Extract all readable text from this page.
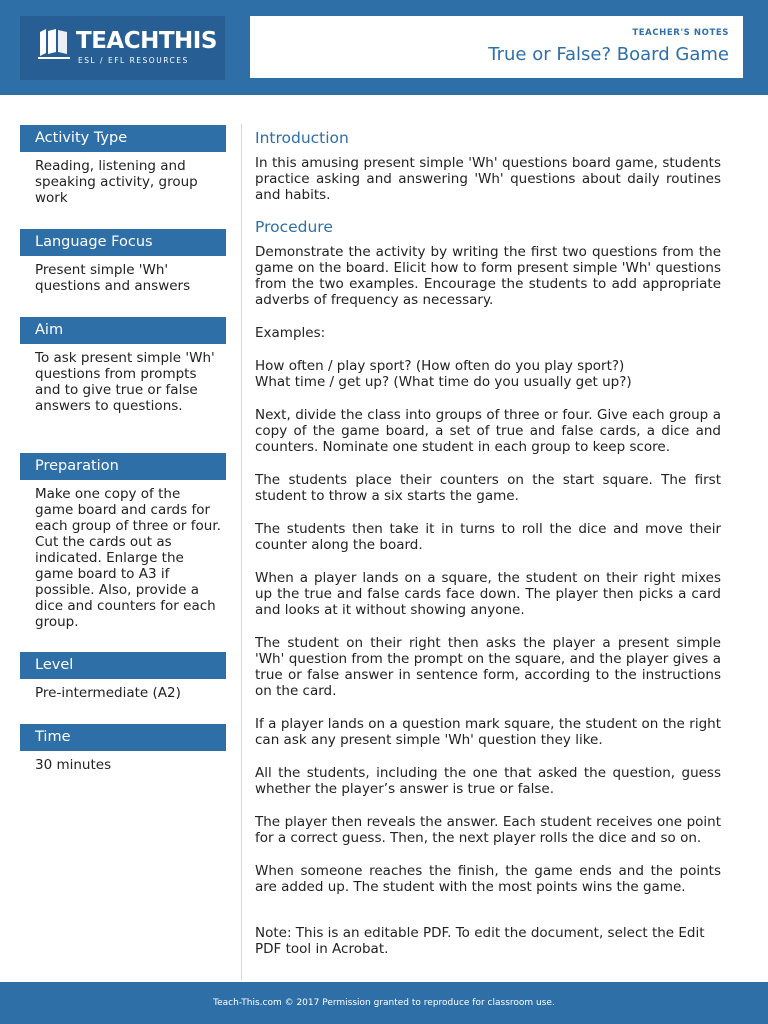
TEACHTHIS
ESL / EFL RESOURCES
TEACHER'S NOTES
True or False? Board Game
Activity Type
Reading, listening and speaking activity, group work
Language Focus
Present simple 'Wh' questions and answers
Aim
To ask present simple 'Wh' questions from prompts and to give true or false answers to questions.
Preparation
Make one copy of the game board and cards for each group of three or four. Cut the cards out as indicated. Enlarge the game board to A3 if possible. Also, provide a dice and counters for each group.
Level
Pre-intermediate (A2)
Time
30 minutes
Introduction

In this amusing present simple 'Wh' questions board game, students practice asking and answering 'Wh' questions about daily routines and habits.

Procedure

Demonstrate the activity by writing the first two questions from the game on the board. Elicit how to form present simple 'Wh' questions from the two examples. Encourage the students to add appropriate adverbs of frequency as necessary.

Examples:

How often / play sport? (How often do you play sport?)
What time / get up? (What time do you usually get up?)

Next, divide the class into groups of three or four. Give each group a copy of the game board, a set of true and false cards, a dice and counters. Nominate one student in each group to keep score.

The students place their counters on the start square. The first student to throw a six starts the game.

The students then take it in turns to roll the dice and move their counter along the board.

When a player lands on a square, the student on their right mixes up the true and false cards face down. The player then picks a card and looks at it without showing anyone.

The student on their right then asks the player a present simple 'Wh' question from the prompt on the square, and the player gives a true or false answer in sentence form, according to the instructions on the card.

If a player lands on a question mark square, the student on the right can ask any present simple 'Wh' question they like.

All the students, including the one that asked the question, guess whether the player’s answer is true or false.

The player then reveals the answer. Each student receives one point for a correct guess. Then, the next player rolls the dice and so on.

When someone reaches the finish, the game ends and the points are added up. The student with the most points wins the game.

Note: This is an editable PDF. To edit the document, select the Edit PDF tool in Acrobat.

Teach-This.com © 2017 Permission granted to reproduce for classroom use.
